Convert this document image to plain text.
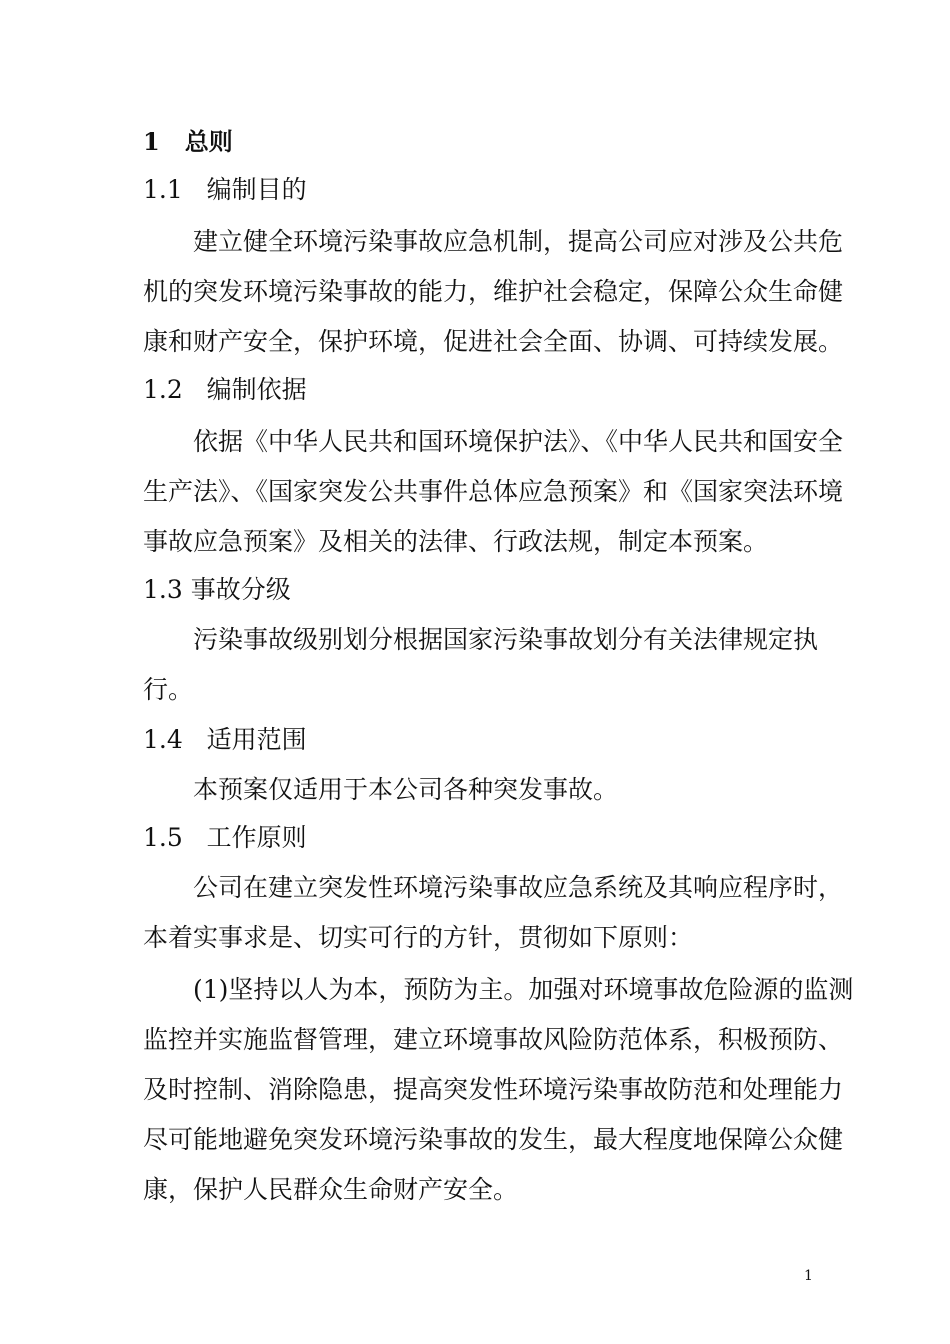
1 总则
1.1 编制目的
建立健全环境污染事故应急机制，提高公司应对涉及公共危
机的突发环境污染事故的能力，维护社会稳定，保障公众生命健
康和财产安全，保护环境，促进社会全面、协调、可持续发展。
1.2 编制依据
依据《中华人民共和国环境保护法》、《中华人民共和国安全
生产法》、《国家突发公共事件总体应急预案》和《国家突法环境
事故应急预案》及相关的法律、行政法规，制定本预案。
1.3 事故分级
污染事故级别划分根据国家污染事故划分有关法律规定执
行。
1.4 适用范围
本预案仅适用于本公司各种突发事故。
1.5 工作原则
公司在建立突发性环境污染事故应急系统及其响应程序时，
本着实事求是、切实可行的方针，贯彻如下原则：
(1)坚持以人为本，预防为主。加强对环境事故危险源的监测
监控并实施监督管理，建立环境事故风险防范体系，积极预防、
及时控制、消除隐患，提高突发性环境污染事故防范和处理能力
尽可能地避免突发环境污染事故的发生，最大程度地保障公众健
康，保护人民群众生命财产安全。
1
